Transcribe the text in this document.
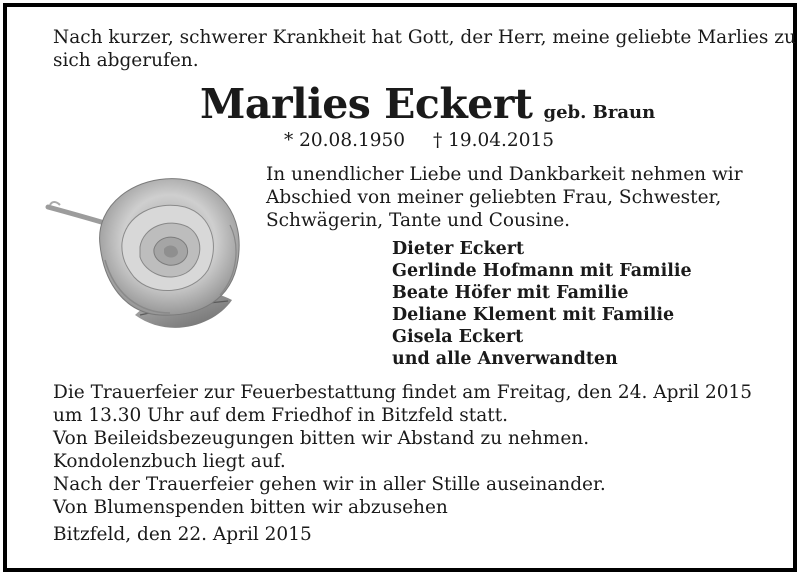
Nach kurzer, schwerer Krankheit hat Gott, der Herr, meine geliebte Marlies zu
sich abgerufen.
Marlies Eckert geb. Braun
* 20.08.1950 † 19.04.2015
In unendlicher Liebe und Dankbarkeit nehmen wir
Abschied von meiner geliebten Frau, Schwester,
Schwägerin, Tante und Cousine.
Dieter Eckert
Gerlinde Hofmann mit Familie
Beate Höfer mit Familie
Deliane Klement mit Familie
Gisela Eckert
und alle Anverwandten
Die Trauerfeier zur Feuerbestattung findet am Freitag, den 24. April 2015
um 13.30 Uhr auf dem Friedhof in Bitzfeld statt.
Von Beileidsbezeugungen bitten wir Abstand zu nehmen.
Kondolenzbuch liegt auf.
Nach der Trauerfeier gehen wir in aller Stille auseinander.
Von Blumenspenden bitten wir abzusehen
Bitzfeld, den 22. April 2015
